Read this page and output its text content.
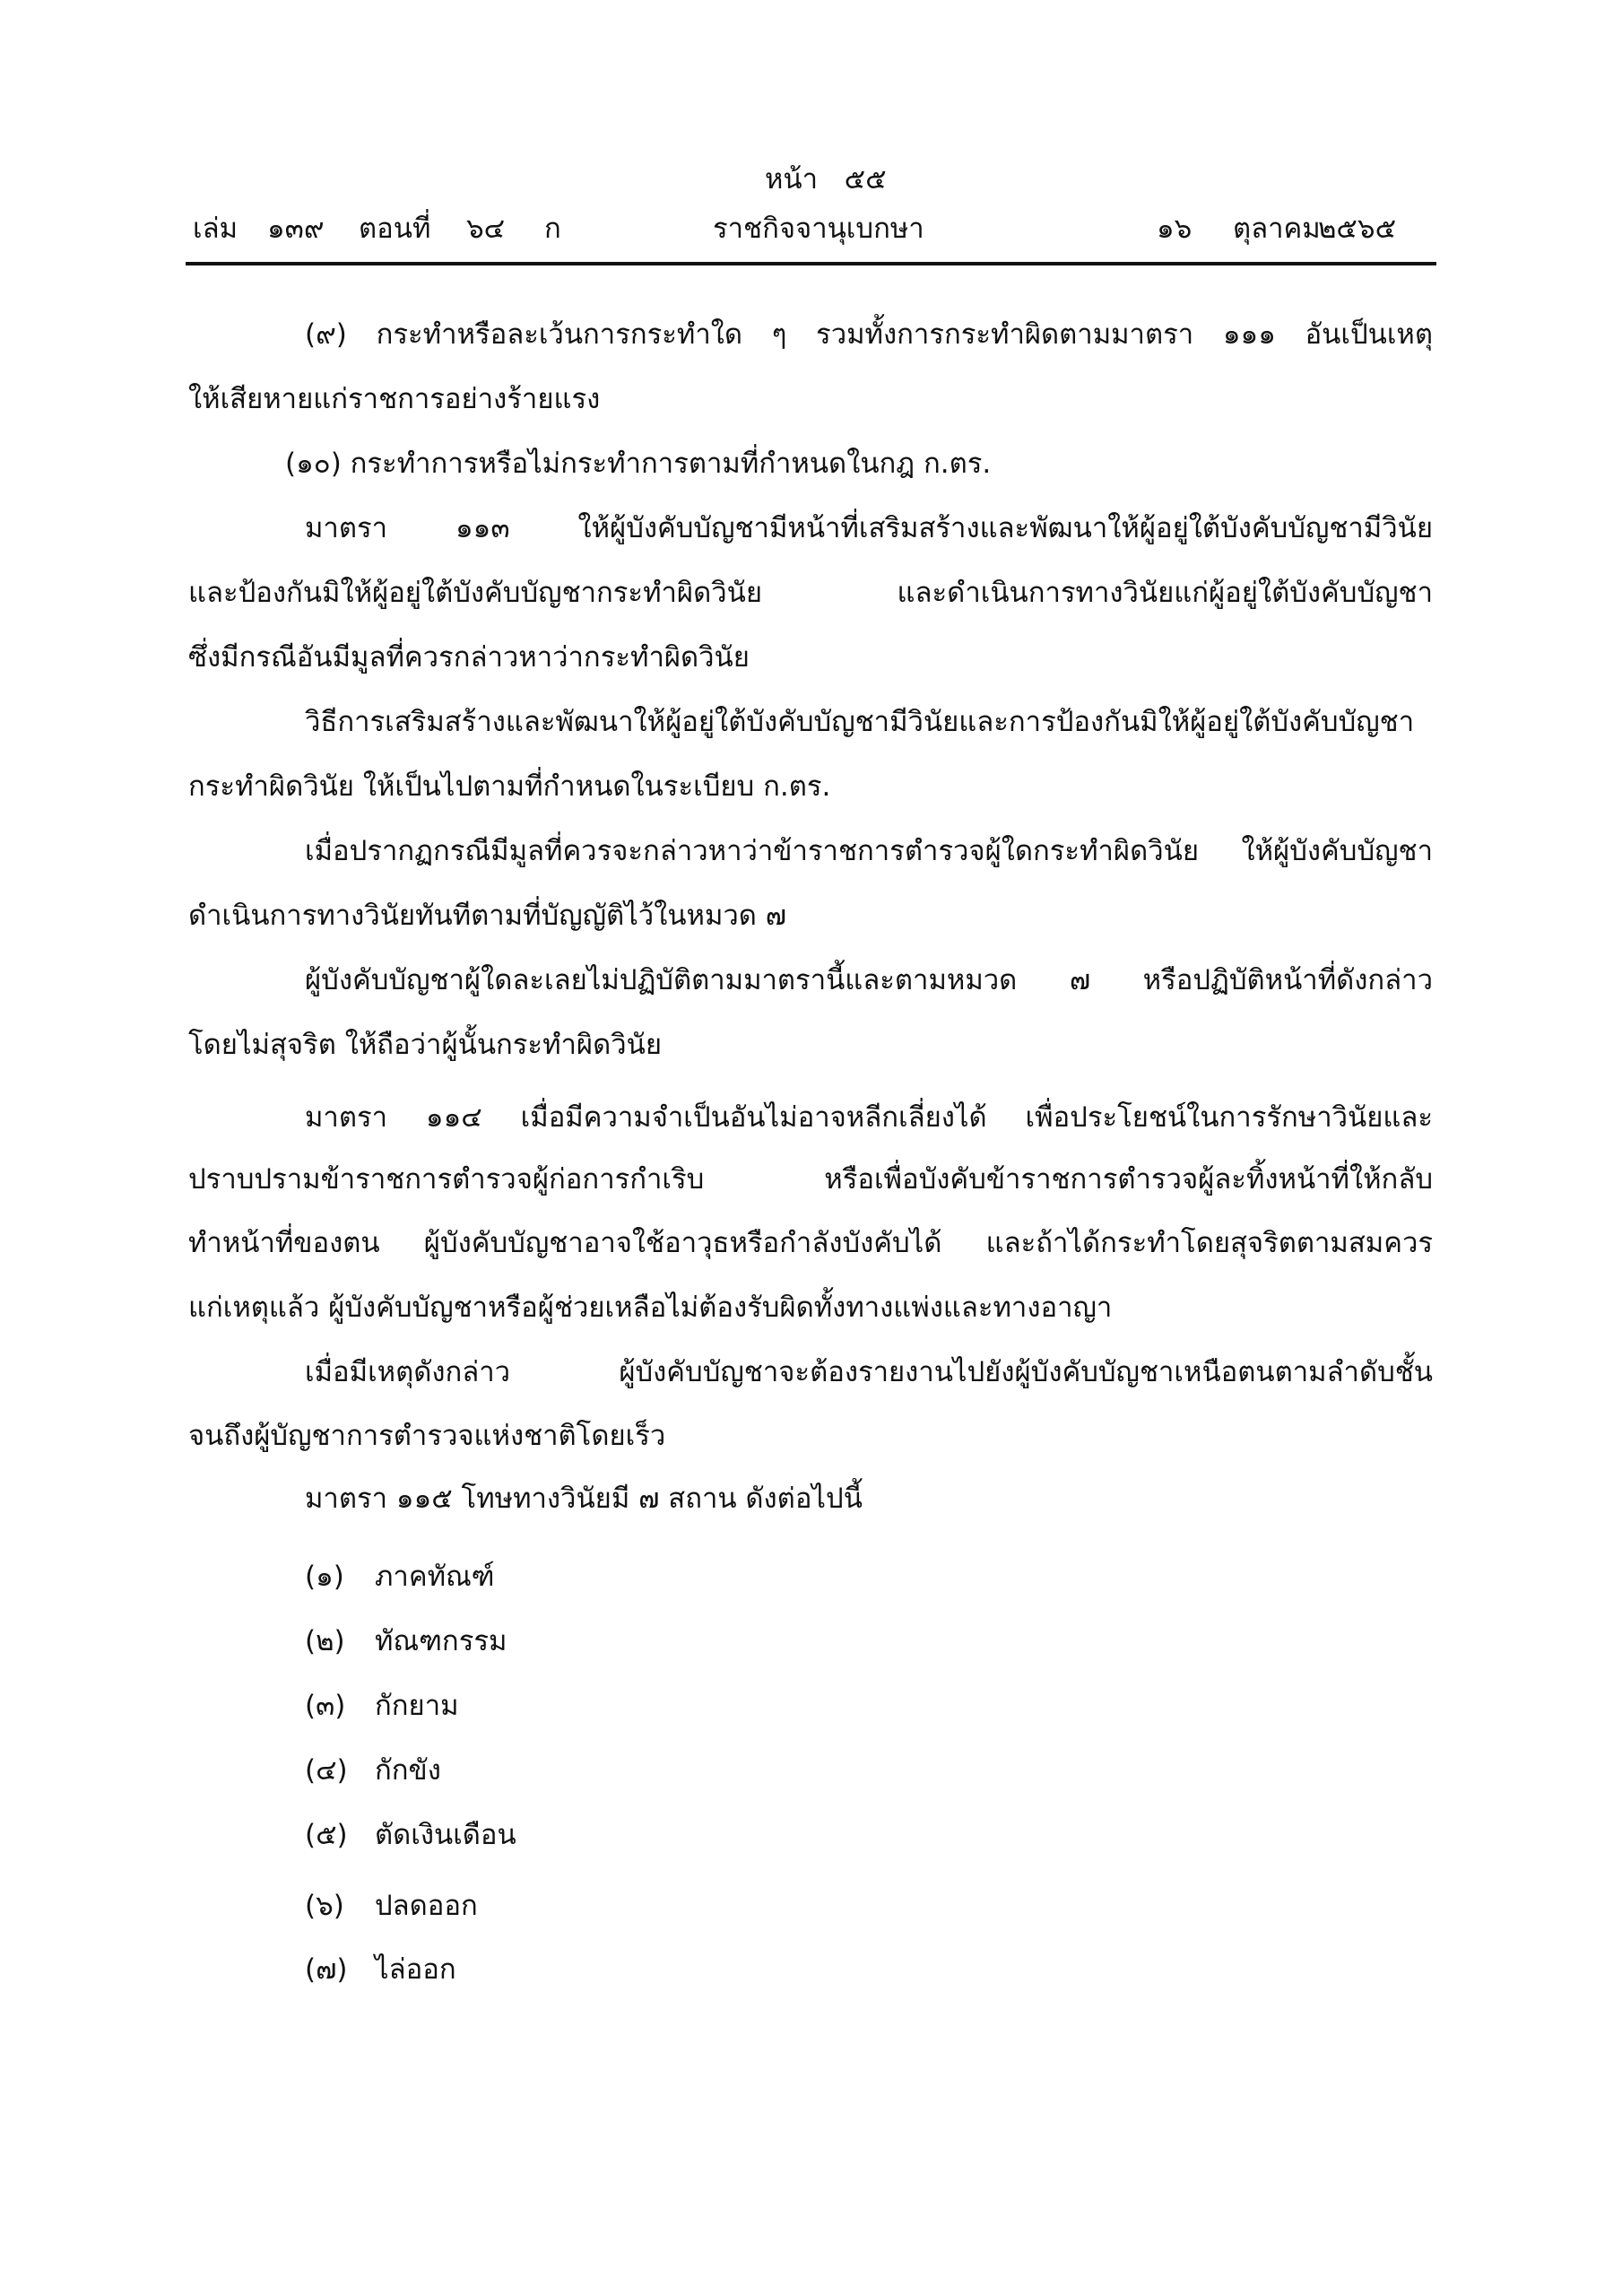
หน้า ๕๕
เล่ม ๑๓๙ ตอนที่ ๖๔ ก	ราชกิจจานุเบกษา	๑๖ ตุลาคม
๒๕๖๕
(๙) กระทำหรือละเว้นการกระทำใด ๆ รวมทั้งการกระทำผิดตามมาตรา ๑๑๑ อันเป็นเหตุ
ให้เสียหายแก่ราชการอย่างร้ายแรง
(๑๐) กระทำการหรือไม่กระทำการตามที่กำหนดในกฎ ก.ตร.
มาตรา ๑๑๓ ให้ผู้บังคับบัญชามีหน้าที่เสริมสร้างและพัฒนาให้ผู้อยู่ใต้บังคับบัญชามีวินัย
และป้องกันมิให้ผู้อยู่ใต้บังคับบัญชากระทำผิดวินัย และดำเนินการทางวินัยแก่ผู้อยู่ใต้บังคับบัญชา
ซึ่งมีกรณีอันมีมูลที่ควรกล่าวหาว่ากระทำผิดวินัย
วิธีการเสริมสร้างและพัฒนาให้ผู้อยู่ใต้บังคับบัญชามีวินัยและการป้องกันมิให้ผู้อยู่ใต้บังคับบัญชา
กระทำผิดวินัย ให้เป็นไปตามที่กำหนดในระเบียบ ก.ตร.
เมื่อปรากฏกรณีมีมูลที่ควรจะกล่าวหาว่าข้าราชการตำรวจผู้ใดกระทำผิดวินัย ให้ผู้บังคับบัญชา
ดำเนินการทางวินัยทันทีตามที่บัญญัติไว้ในหมวด ๗
ผู้บังคับบัญชาผู้ใดละเลยไม่ปฏิบัติตามมาตรานี้และตามหมวด ๗ หรือปฏิบัติหน้าที่ดังกล่าว
โดยไม่สุจริต ให้ถือว่าผู้นั้นกระทำผิดวินัย
มาตรา ๑๑๔ เมื่อมีความจำเป็นอันไม่อาจหลีกเลี่ยงได้ เพื่อประโยชน์ในการรักษาวินัยและ
ปราบปรามข้าราชการตำรวจผู้ก่อการกำเริบ หรือเพื่อบังคับข้าราชการตำรวจผู้ละทิ้งหน้าที่ให้กลับ
ทำหน้าที่ของตน ผู้บังคับบัญชาอาจใช้อาวุธหรือกำลังบังคับได้ และถ้าได้กระทำโดยสุจริตตามสมควร
แก่เหตุแล้ว ผู้บังคับบัญชาหรือผู้ช่วยเหลือไม่ต้องรับผิดทั้งทางแพ่งและทางอาญา
เมื่อมีเหตุดังกล่าว ผู้บังคับบัญชาจะต้องรายงานไปยังผู้บังคับบัญชาเหนือตนตามลำดับชั้น
จนถึงผู้บัญชาการตำรวจแห่งชาติโดยเร็ว
มาตรา ๑๑๕ โทษทางวินัยมี ๗ สถาน ดังต่อไปนี้
(๑) ภาคทัณฑ์
(๒) ทัณฑกรรม
(๓) กักยาม
(๔) กักขัง
(๕) ตัดเงินเดือน
(๖) ปลดออก
(๗) ไล่ออก
